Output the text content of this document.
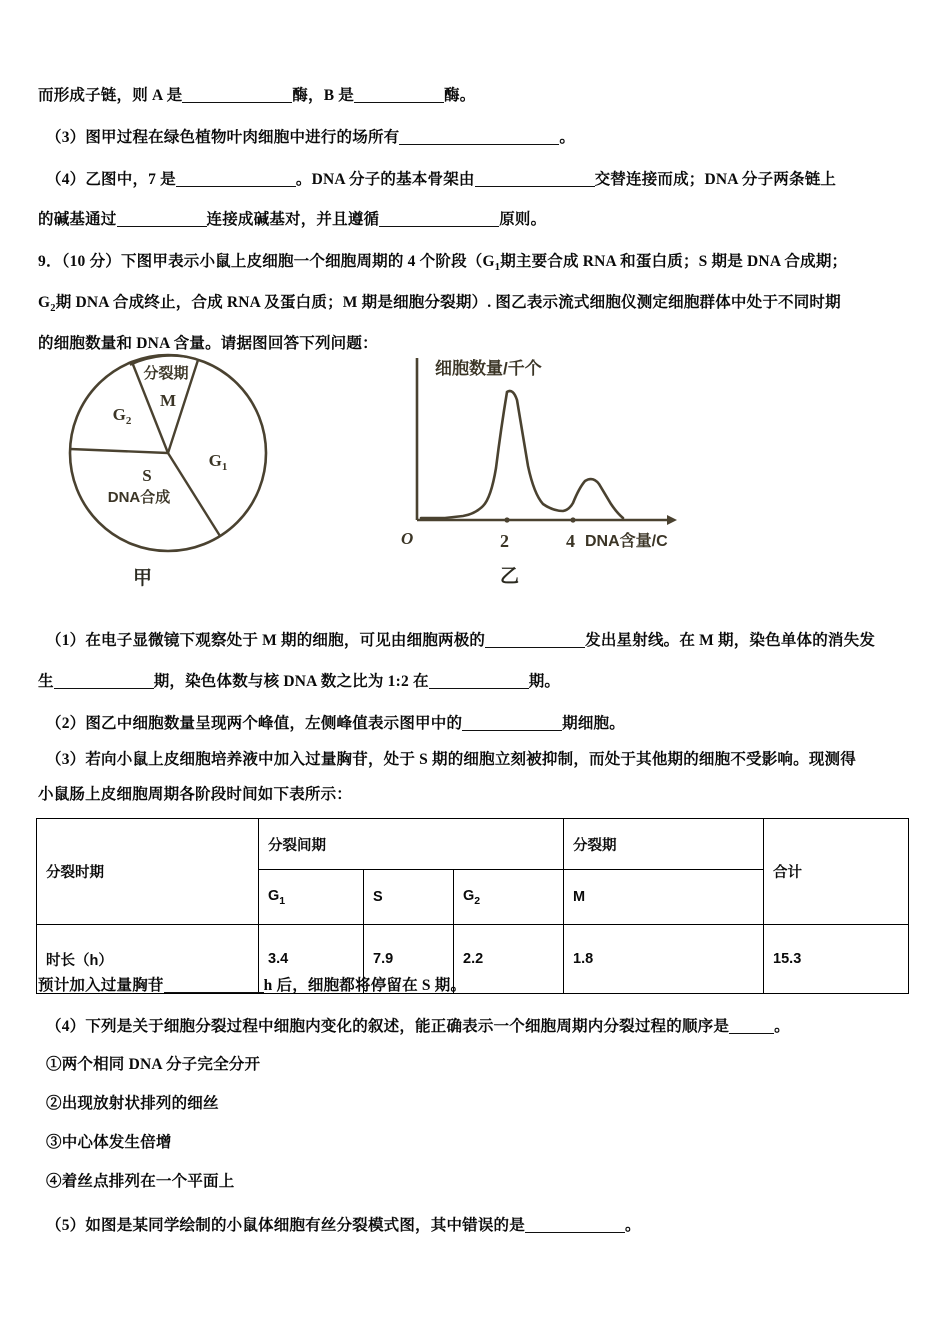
而形成子链，则 A 是	酶，B 是	酶。
（3）图甲过程在绿色植物叶肉细胞中进行的场所有	。
（4）乙图中，7 是	。DNA 分子的基本骨架由	交替连接而成；DNA 分子两条链上
的碱基通过	连接成碱基对，并且遵循	原则。
9．（10 分）下图甲表示小鼠上皮细胞一个细胞周期的 4 个阶段（$G_1$期主要合成 RNA 和蛋白质；S 期是 DNA 合成期；
$G_2$期 DNA 合成终止，合成 RNA 及蛋白质；M 期是细胞分裂期）. 图乙表示流式细胞仪测定细胞群体中处于不同时期
的细胞数量和 DNA 含量。请据图回答下列问题：
分裂期
M
$G_2$
$G_1$
S
DNA合成
细胞数量/千个
O	2	4 DNA含量/C
甲	乙
（1）在电子显微镜下观察处于 M 期的细胞，可见由细胞两极的	发出星射线。在 M 期，染色单体的消失发
生	期，染色体数与核 DNA 数之比为 1:2 在	期。
（2）图乙中细胞数量呈现两个峰值，左侧峰值表示图甲中的	期细胞。
（3）若向小鼠上皮细胞培养液中加入过量胸苷，处于 S 期的细胞立刻被抑制，而处于其他期的细胞不受影响。现测得
小鼠肠上皮细胞周期各阶段时间如下表所示：
分裂时期	分裂间期			分裂期	合计
	$G_1$	S	$G_2$	M	
时长（h）	3.4	7.9	2.2	1.8	15.3
预计加入过量胸苷	h 后，细胞都将停留在 S 期。
（4）下列是关于细胞分裂过程中细胞内变化的叙述，能正确表示一个细胞周期内分裂过程的顺序是	。
①两个相同 DNA 分子完全分开
②出现放射状排列的细丝
③中心体发生倍增
④着丝点排列在一个平面上
（5）如图是某同学绘制的小鼠体细胞有丝分裂模式图，其中错误的是	。
